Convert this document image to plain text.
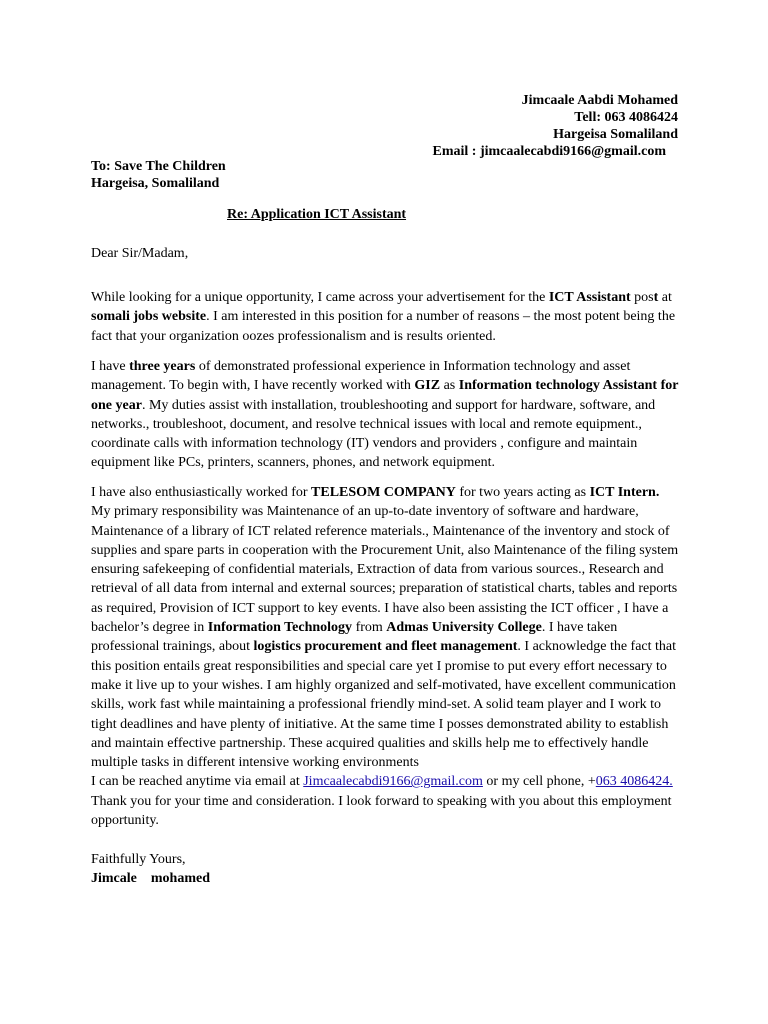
Jimcaale Aabdi Mohamed
Tell: 063 4086424
Hargeisa Somaliland
Email : jimcaalecabdi9166@gmail.com
To: Save The Children
Hargeisa, Somaliland
Re: Application ICT Assistant
Dear Sir/Madam,
While looking for a unique opportunity, I came across your advertisement for the ICT Assistant post at somali jobs website. I am interested in this position for a number of reasons – the most potent being the fact that your organization oozes professionalism and is results oriented.
I have three years of demonstrated professional experience in Information technology and asset management. To begin with, I have recently worked with GIZ as Information technology Assistant for one year. My duties assist with installation, troubleshooting and support for hardware, software, and networks., troubleshoot, document, and resolve technical issues with local and remote equipment., coordinate calls with information technology (IT) vendors and providers , configure and maintain equipment like PCs, printers, scanners, phones, and network equipment.
I have also enthusiastically worked for TELESOM COMPANY for two years acting as ICT Intern. My primary responsibility was Maintenance of an up-to-date inventory of software and hardware, Maintenance of a library of ICT related reference materials., Maintenance of the inventory and stock of supplies and spare parts in cooperation with the Procurement Unit, also Maintenance of the filing system ensuring safekeeping of confidential materials, Extraction of data from various sources., Research and retrieval of all data from internal and external sources; preparation of statistical charts, tables and reports as required, Provision of ICT support to key events. I have also been assisting the ICT officer , I have a bachelor’s degree in Information Technology from Admas University College. I have taken professional trainings, about logistics procurement and fleet management. I acknowledge the fact that this position entails great responsibilities and special care yet I promise to put every effort necessary to make it live up to your wishes. I am highly organized and self-motivated, have excellent communication skills, work fast while maintaining a professional friendly mind-set. A solid team player and I work to tight deadlines and have plenty of initiative. At the same time I posses demonstrated ability to establish and maintain effective partnership. These acquired qualities and skills help me to effectively handle multiple tasks in different intensive working environments
I can be reached anytime via email at Jimcaalecabdi9166@gmail.com or my cell phone, +063 4086424. Thank you for your time and consideration. I look forward to speaking with you about this employment opportunity.
Faithfully Yours,
Jimcale    mohamed
